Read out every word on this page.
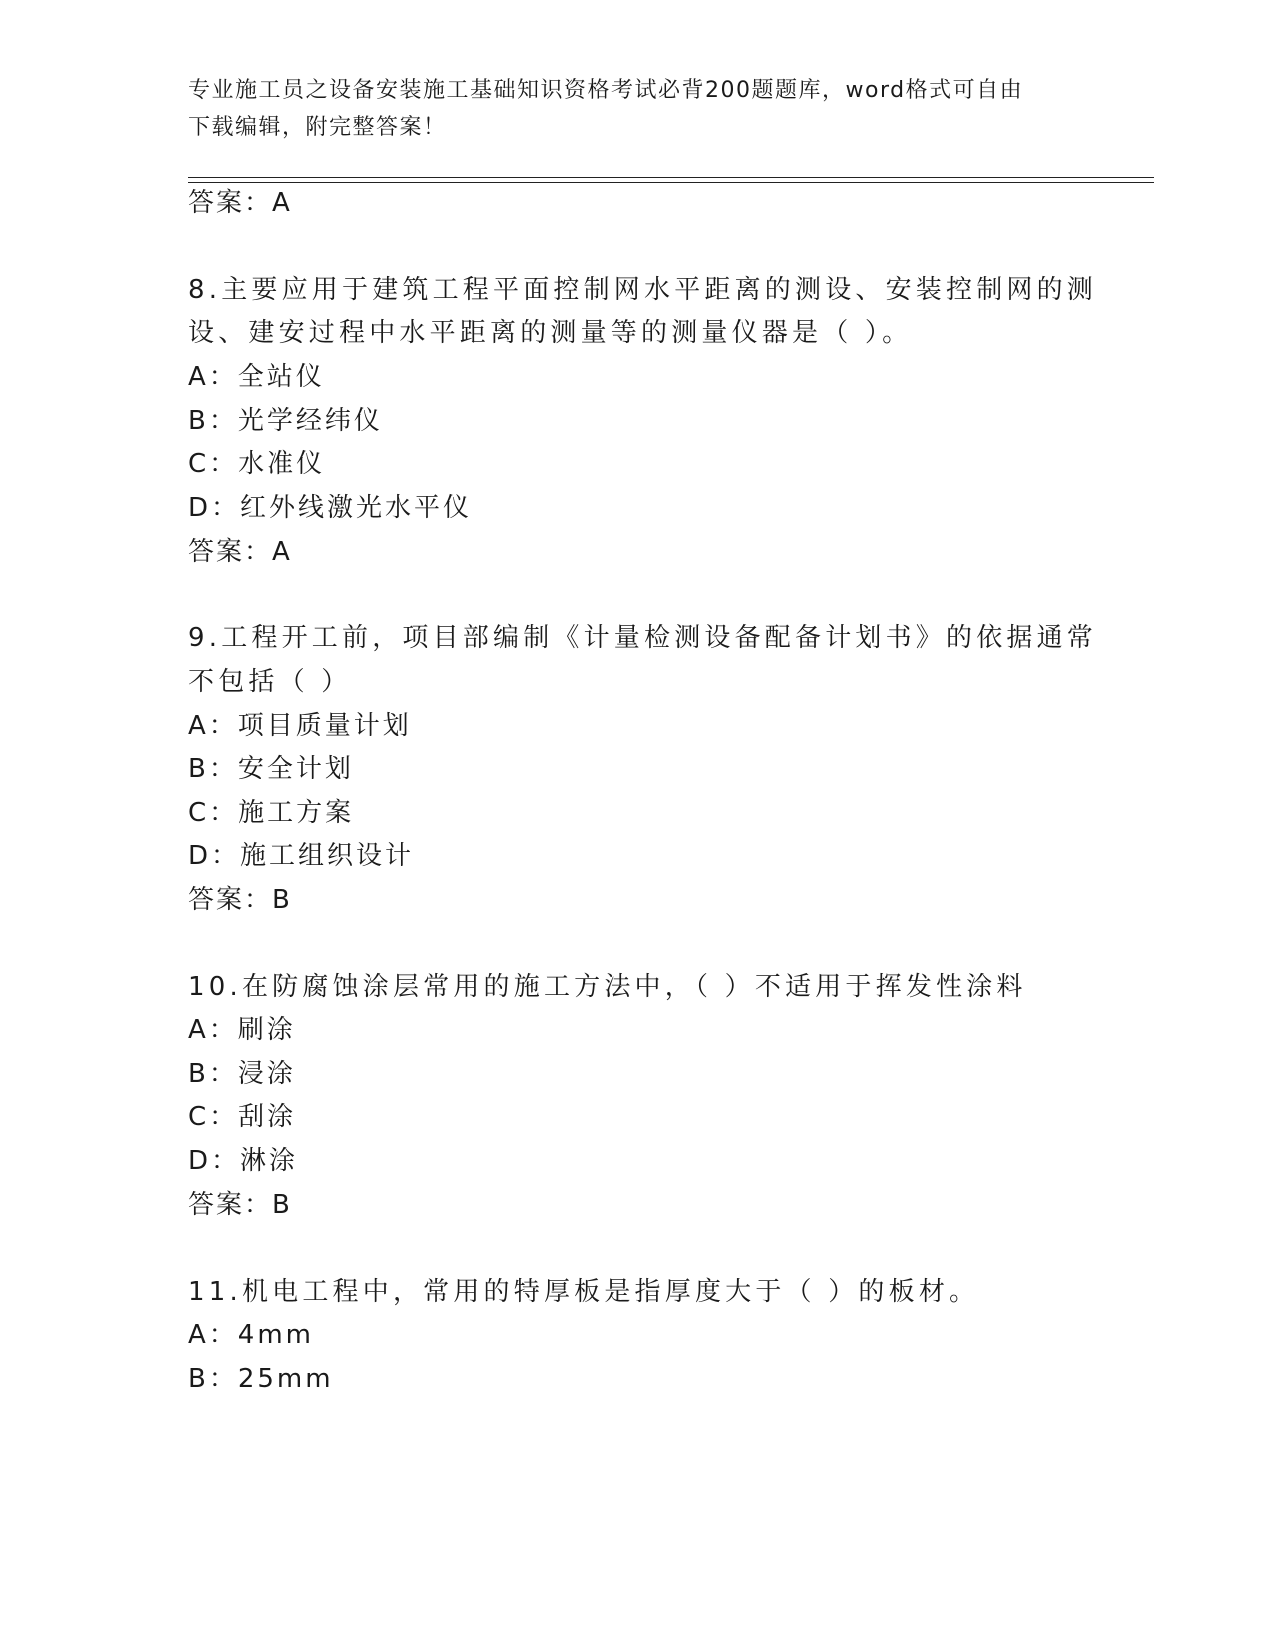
专业施工员之设备安装施工基础知识资格考试必背200题题库，word格式可自由
下载编辑，附完整答案！
答案：A
8.主要应用于建筑工程平面控制网水平距离的测设、安装控制网的测
设、建安过程中水平距离的测量等的测量仪器是（ ）。
A：全站仪
B：光学经纬仪
C：水准仪
D：红外线激光水平仪
答案：A
9.工程开工前，项目部编制《计量检测设备配备计划书》的依据通常
不包括（ ）
A：项目质量计划
B：安全计划
C：施工方案
D：施工组织设计
答案：B
10.在防腐蚀涂层常用的施工方法中，（ ）不适用于挥发性涂料
A：刷涂
B：浸涂
C：刮涂
D：淋涂
答案：B
11.机电工程中，常用的特厚板是指厚度大于（ ）的板材。
A：4mm
B：25mm
